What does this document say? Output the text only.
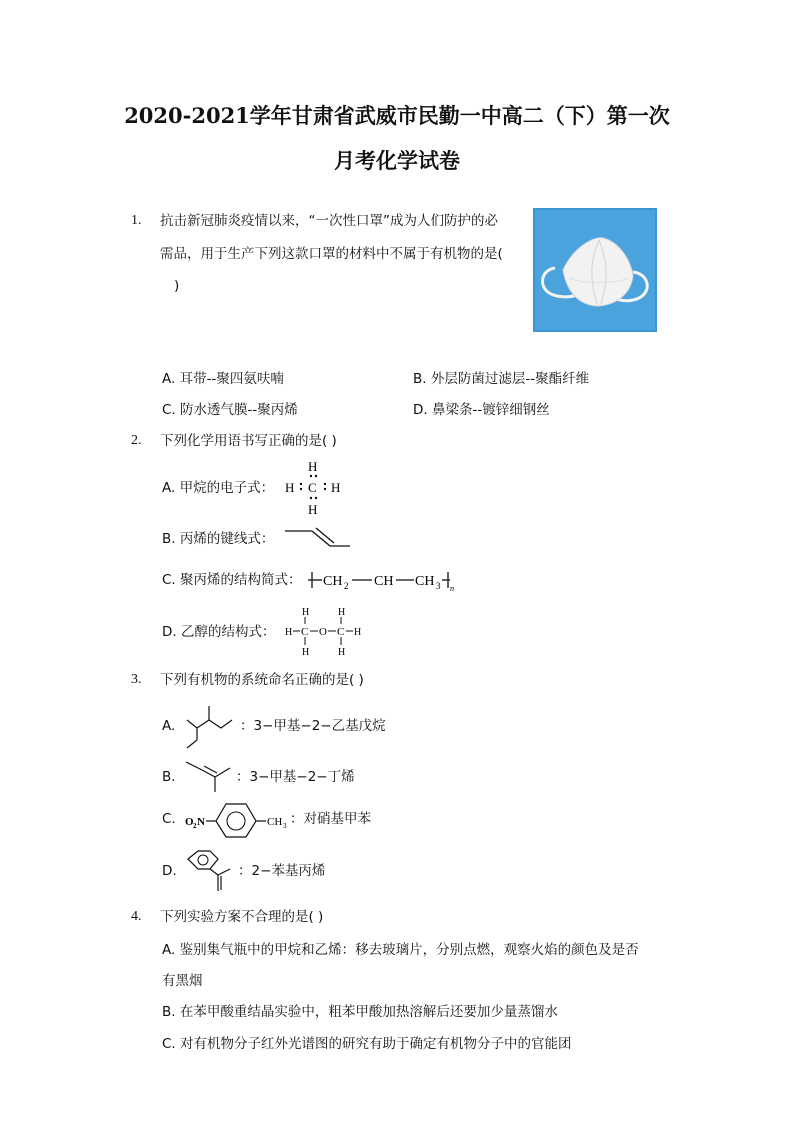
2020-2021学年甘肃省武威市民勤一中高二（下）第一次
月考化学试卷
1. 抗击新冠肺炎疫情以来，“一次性口罩”成为人们防护的必
需品，用于生产下列这款口罩的材料中不属于有机物的是(
)
A. 耳带--聚四氨呋喃	B. 外层防菌过滤层--聚酯纤维
C. 防水透气膜--聚丙烯	D. 鼻梁条--镀锌细钢丝
2. 下列化学用语书写正确的是( )
A. 甲烷的电子式：
H
C
H	H
H
B. 丙烯的键线式：
C. 聚丙烯的结构简式： CH 2 CH CH 3 n
D. 乙醇的结构式： H C
H
H
O C
H
H
H
3. 下列有机物的系统命名正确的是( )
A.	：3−甲基−2−乙基戊烷
B.	：3−甲基−2−丁烯
C. O 2 N	CH 3 ：对硝基甲苯
D.	：2−苯基丙烯
4. 下列实验方案不合理的是( )
A. 鉴别集气瓶中的甲烷和乙烯：移去玻璃片，分别点燃，观察火焰的颜色及是否
有黑烟
B. 在苯甲酸重结晶实验中，粗苯甲酸加热溶解后还要加少量蒸馏水
C. 对有机物分子红外光谱图的研究有助于确定有机物分子中的官能团
